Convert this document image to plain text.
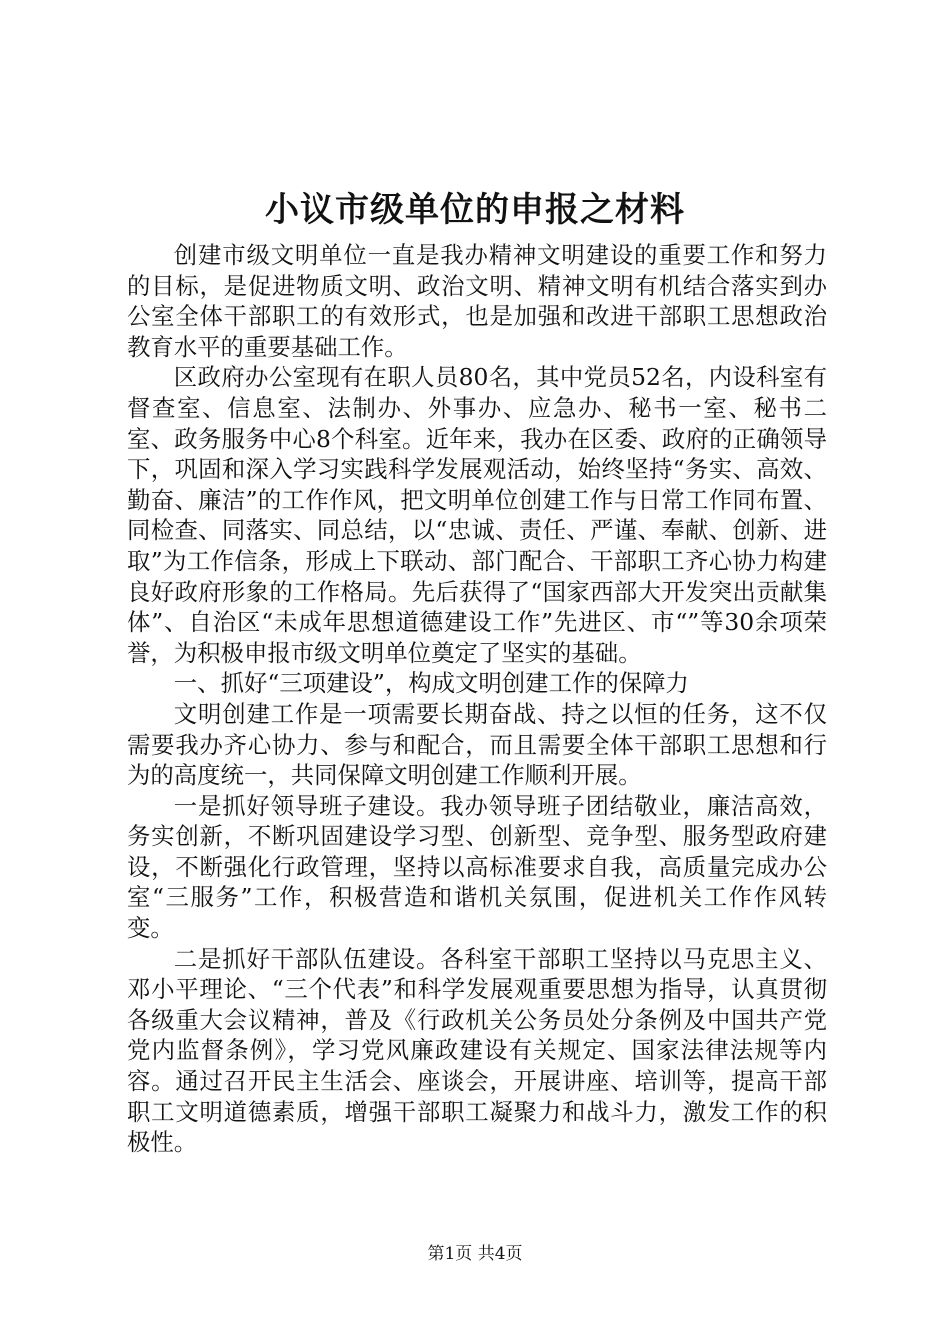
小议市级单位的申报之材料

创建市级文明单位一直是我办精神文明建设的重要工作和努力的目标，是促进物质文明、政治文明、精神文明有机结合落实到办公室全体干部职工的有效形式，也是加强和改进干部职工思想政治教育水平的重要基础工作。

区政府办公室现有在职人员80名，其中党员52名，内设科室有督查室、信息室、法制办、外事办、应急办、秘书一室、秘书二室、政务服务中心8个科室。近年来，我办在区委、政府的正确领导下，巩固和深入学习实践科学发展观活动，始终坚持“务实、高效、勤奋、廉洁”的工作作风，把文明单位创建工作与日常工作同布置、同检查、同落实、同总结，以“忠诚、责任、严谨、奉献、创新、进取”为工作信条，形成上下联动、部门配合、干部职工齐心协力构建良好政府形象的工作格局。先后获得了“国家西部大开发突出贡献集体”、自治区“未成年思想道德建设工作”先进区、市“”等30余项荣誉，为积极申报市级文明单位奠定了坚实的基础。

一、抓好“三项建设”，构成文明创建工作的保障力

文明创建工作是一项需要长期奋战、持之以恒的任务，这不仅需要我办齐心协力、参与和配合，而且需要全体干部职工思想和行为的高度统一，共同保障文明创建工作顺利开展。

一是抓好领导班子建设。我办领导班子团结敬业，廉洁高效，务实创新，不断巩固建设学习型、创新型、竞争型、服务型政府建设，不断强化行政管理，坚持以高标准要求自我，高质量完成办公室“三服务”工作，积极营造和谐机关氛围，促进机关工作作风转变。

二是抓好干部队伍建设。各科室干部职工坚持以马克思主义、邓小平理论、“三个代表”和科学发展观重要思想为指导，认真贯彻各级重大会议精神，普及《行政机关公务员处分条例及中国共产党党内监督条例》，学习党风廉政建设有关规定、国家法律法规等内容。通过召开民主生活会、座谈会，开展讲座、培训等，提高干部职工文明道德素质，增强干部职工凝聚力和战斗力，激发工作的积极性。

第1页 共4页
